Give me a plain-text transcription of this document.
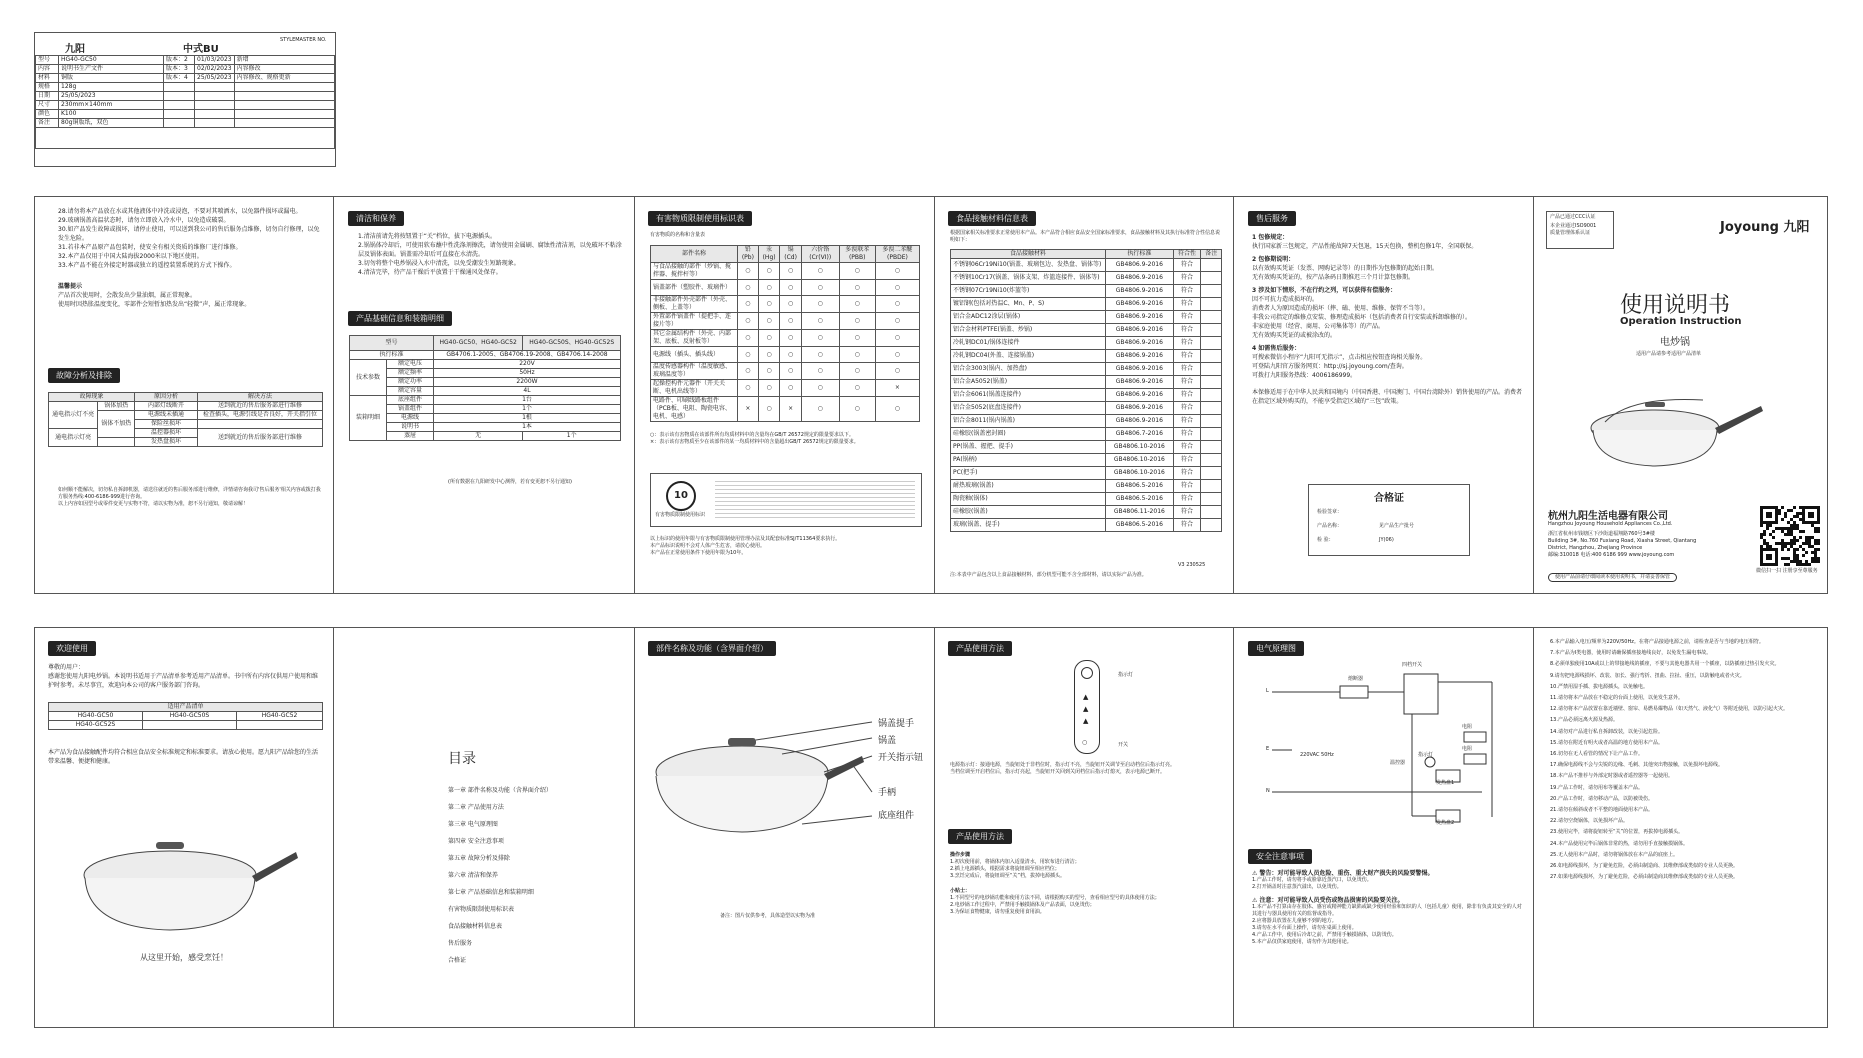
九阳	中式BU
STYLEMASTER NO.
型号	HG40-GC50	版本：2	01/03/2023	新增
内容	说明书生产文件	版本：3	02/02/2023	内容修改
材料	铜版	版本：4	25/05/2023	内容修改、规格更新
规格	128g			
日期	25/05/2023			
尺寸	230mm×140mm			
颜色	K100			
备注	80g铜版纸，双色			

28.请勿将本产品放在水或其他液体中冲洗或浸泡，不要对其喷洒水，以免器件损坏或漏电。
29.玻璃锅盖高温状态时，请勿立即放入冷水中，以免造成破裂。
30.如产品发生故障或损坏，请停止使用，可以送到我公司的售后服务点维修，切勿自行修理，以免发生危险。
31.若非本产品原产品包装时，使安全有相关资质的维修厂进行维修。
32.本产品仅用于中国大陆海拔2000米以下地区使用。
33.本产品不能在外接定时器或独立的遥控装置系统的方式下操作。
温馨提示
产品首次使用时，会散发出少量油烟，属正常现象。
使用时因热胀温度变化，零部件会短暂加热发出“轻微”声，属正常现象。
故障分析及排除
故障现象		原因分析	解决方法
通电指示灯不亮	锅体加热	内部灯线断开	送到就近的售后服务部进行维修
	锅体不加热	电源线未插通	检查插头，电源引线是否良好，开关指引位
		保险丝损坏	
通电指示灯亮		温控器损坏	送到就近的售后服务部进行维修
		发热盘损坏	
如何顺不能解决，切勿私自拆卸机器，请送往就近的售后服务部进行维修，详情请咨询我司'售后服务'相关内容或拨打我方服务热线:400-6186-999进行咨询。
以上内容如因型号或零件变更与实物不符，请以实物为准，恕不另行通知，敬请谅解！
清洁和保养
1.清洁前请先将按钮置于“关”档位，拔下电源插头。
2.锅锅体冷却后，可使用软布蘸中性洗涤剂擦洗，请勿使用金属刷、腐蚀性清洁剂，以免破坏不粘涂层及锅体表面。锅盖需冷却后可直接在水清洗。
3.切勿将整个电炒锅浸入水中清洗，以免受潮发生短路现象。
4.清洁完毕，待产品干燥后平放置于干燥通风处保存。
产品基础信息和装箱明细
型号		HG40-GC50、HG40-GC52	HG40-GC50S、HG40-GC52S
执行标准		GB4706.1-2005、GB4706.19-2008、GB4706.14-2008	
技术参数	额定电压	220V	
	额定频率	50Hz	
	额定功率	2200W	
	额定容量	4L	
装箱明细	底座组件	1台	
	锅盖组件	1个	
	电源线	1根	
	说明书	1本	
	蒸屉	无	1个
(所有数据在九阳研发中心测得，若有变更恕不另行通知)
有害物质限制使用标识表
有害物质的名称和含量表
部件名称	铅(Pb)	汞(Hg)	镉(Cd)	六价铬(Cr(VI))	多溴联苯(PBB)	多溴二苯醚(PBDE)
与食品接触的部件（炒锅、搅拌器、搅拌杆等）	○	○	○	○	○	○
锅盖部件（塑胶件、玻璃件）	○	○	○	○	○	○
非接触部件外壳部件（外壳、侧板、上盖等）	○	○	○	○	○	○
外置部件锅盖件（提把手、连接片等）	○	○	○	○	○	○
其它金属结构件（外壳、内部架、底板、反射板等）	○	○	○	○	○	○
电源线（插头、插头线）	○	○	○	○	○	○
温度传感器构件（温度敏感、玻璃温度等）	○	○	○	○	○	○
起操控构件元器件（开关关断、电机出线等）	○	○	○	○	○	×
电路件、印刷线路板组件（PCB板、电阻、陶瓷电容、电机、电感）	×	○	×	○	○	○
○：表示该有害物质在该部件所有均质材料中的含量均在GB/T 26572规定的限量要求以下。
×：表示该有害物质至少在该部件的某一均质材料中的含量超出GB/T 26572规定的限量要求。
10
有害物质限制使用标识
以上标识的使用年限与有害物质限制使用管理办法及其配套标准SJ/T11364要求执行。
本产品标识说明不会对人体产生危害，请放心使用。
本产品在正常使用条件下使用年限为10年。
食品接触材料信息表
根据国家相关标准要求正常使用本产品。本产品符合相应食品安全国家标准要求，食品接触材料及其执行标准符合性信息说明如下：
食品接触材料	执行标准	符合性	备注
不锈钢06Cr19Ni10(锅盖、玻璃包边、发热盘、锅体等)	GB4806.9-2016	符合	
不锈钢10Cr17(锅盖、锅体支架、炸篮连接件、锅体等)	GB4806.9-2016	符合	
不锈钢07Cr19Ni10(炸篮等)	GB4806.9-2016	符合	
镀铝钢(包括对热温C、Mn、P、S)	GB4806.9-2016	符合	
铝合金ADC12涂层(锅体)	GB4806.9-2016	符合	
铝合金材料PTFE(锅盖、炒锅)	GB4806.9-2016	符合	
冷轧钢DC01/锅体连接件	GB4806.9-2016	符合	
冷轧钢DC04(外盖、连接锅盖)	GB4806.9-2016	符合	
铝合金3003(锅内、加热盘)	GB4806.9-2016	符合	
铝合金A5052(锅盖)	GB4806.9-2016	符合	
铝合金6061(锅盖连接件)	GB4806.9-2016	符合	
铝合金5052(底盘连接件)	GB4806.9-2016	符合	
铝合金8011(锅内锅盖)	GB4806.9-2016	符合	
硅橡胶(锅盖密封圈)	GB4806.7-2016	符合	
PP(锅盖、握把、提手)	GB4806.10-2016	符合	
PA(锅柄)	GB4806.10-2016	符合	
PC(把手)	GB4806.10-2016	符合	
耐热玻璃(锅盖)	GB4806.5-2016	符合	
陶瓷釉(锅体)	GB4806.5-2016	符合	
硅橡胶(锅盖)	GB4806.11-2016	符合	
玻璃(锅盖、提手)	GB4806.5-2016	符合	
V3 230525
注:本表中产品包含以上食品接触材料，部分机型可能不含全部材料，请以实际产品为准。
售后服务
1 包修规定：
执行国家新三包规定，产品性能故障7天包退，15天包换，整机包修1年，全国联保。
2 包修期说明：
以有效购买凭证（发票、网购记录等）的日期作为包修期的起始日期。
无有效购买凭证的，按产品条码日期推迟三个月计算包修期。
3 涉及如下情形，不在行约之列，可以获得有偿服务：
因不可抗力造成损坏的。
消费者人为原因造成的损坏（摔、磕、使用、维修、保管不当等）。
非我公司指定的维修点安装、修理造成损坏（包括消费者自行安装或拆卸维修的）。
非家庭使用（经营、商用、公司集体等）的产品。
无有效购买凭证的或被涂改的。
4 如需售后服务：
可搜索微信小程序“九阳可无指示”，点击相应按钮查询相关服务。
可登陆九阳官方服务网页：http://sj.joyoung.com/查询。
可拨打九阳服务热线：4006186999。
本保修适用于在中华人民共和国境内（中国香港、中国澳门、中国台湾除外）销售使用的产品。消费者在指定区域外购买的，不能享受指定区域的“三包”政策。
合格证
检验签章：
产品名称：	见产品生产批号
检 验：	JY(06)
产品已通过CCC认证
本企业通过ISO9001
质量管理体系认证	Joyoung 九阳
使用说明书
Operation Instruction
电炒锅
适用产品请参考适用产品清单
杭州九阳生活电器有限公司
Hangzhou Joyoung Household Appliances Co.,Ltd.
浙江省杭州市钱塘区下沙街道福翔路760号3#楼
Building 3#, No.760 Fuxiang Road, Xiasha Street, Qiantang District, Hangzhou, Zhejiang Province
邮编:310018 电话:400 6186 999 www.joyoung.com
微信扫一扫 注册享至尊服务
使用产品前请仔细阅读本使用说明书，并请妥善保管
欢迎使用
尊敬的用户：
感谢您使用九阳电炒锅。本说明书适用于产品清单参考适用产品清单。书中所有内容仅供用户使用和维护时参考。未尽事宜，欢迎向本公司的客户服务部门咨询。
适用产品清单		
HG40-GC50	HG40-GC50S	HG40-GC52
HG40-GC52S		
本产品为食品接触配件均符合相应食品安全标准规定和标准要求。请放心使用。愿九阳产品给您的生活带来温馨、便捷和健康。
从这里开始，感受烹饪！
目录
第一章 部件名称及功能（含界面介绍）
第二章 产品使用方法
第三章 电气原理图
第四章 安全注意事项
第五章 故障分析及排除
第六章 清洁和保养
第七章 产品基础信息和装箱明细
有害物质限制使用标识表
食品接触材料信息表
售后服务
合格证
部件名称及功能（含界面介绍）
锅盖提手
锅盖
开关指示钮
手柄
底座组件
备注：图片仅供参考，具体造型以实物为准
产品使用方法
▲
▲
▲
○
指示灯
开关
电源指示灯：接通电源，当旋钮处于非档位时，指示灯不亮，当旋钮开关调节至启动档位后指示灯亮。
当档位调至开启档位后，指示灯亮起，当旋钮开关回到关闭档位后指示灯熄灭，表示电源已断开。
产品使用方法
操作步骤
1.初次使用前，将锅体内加入适量清水，用软布进行清洁；
2.插上电源插头，根据需求将旋钮调至相应档位；
3.烹饪完成后，将旋钮调至“关”档，拔掉电源插头。
小贴士：
1.不同型号的电炒锅功能和使用方法不同，请根据购买的型号，查看相应型号的具体使用方法；
2.电炒锅工作过程中，严禁用手触摸锅体及产品表面，以免烫伤；
3.为保证食物健康，请勿重复使用食用油。
电气原理图
熔断器
四档开关
电阻
电阻
温控器
指示灯
发热盘1
发热盘2
L
E
N
220VAC 50Hz
安全注意事项
⚠ 警告：对可能导致人员危险、重伤、重大财产损失的风险要警惕。
1.产品工作时，请勿将手或脸靠近蒸汽口，以免烫伤。
2.打开锅盖时注意蒸汽溢出，以免烫伤。
⚠ 注意：对可能导致人员受伤或物品损害的风险要关注。
1.本产品不打算由存在肢体、感官或精神能力缺陷或缺少使用经验和知识的人（包括儿童）使用，除非有负责其安全的人对其进行与器具使用有关的监督或指导。
2.应将器具放置在儿童够不到的地方。
3.请勿在水平台面上操作，请勿在桌面上使用。
4.产品工作中，使用后冷却之前，严禁用手触摸锅体，以防烫伤。
5.本产品仅供家庭使用，请勿作为其他用途。
6.本产品输入电压/频率为220V/50Hz。在将产品接通电源之前，请检查是否与当地的电压相符。
7.本产品为I类电器，使用时请确保插座接地线良好，以免发生漏电事故。
8.必须单独使用10A或以上的带接地线的插座，不要与其他电器共用一个插座，以防插座过热引发火灾。
9.请勿把电源线损坏、改装、加长、强行弯折、扭曲、拉扯、重压，以防触电或者火灾。
10.严禁用湿手插、拔电源插头，以免触电。
11.请勿将本产品放在不稳定的台面上使用，以免发生意外。
12.请勿将本产品放置在靠近墙壁、窗帘、易燃易爆物品（如天然气、液化气）等附近使用，以防引起火灾。
13.产品必须远离火源及热源。
14.请勿对产品进行私自拆卸改装，以免引起危险。
15.请勿在附近有明火或者高温的地方使用本产品。
16.切勿在无人看管的情况下让产品工作。
17.确保电源线不会与尖锐的边缘、毛刺、其他突出物接触，以免损坏电源线。
18.本产品不推荐与外部定时器或者遥控器等一起使用。
19.产品工作时，请勿用布等覆盖本产品。
20.产品工作时，请勿移动产品，以防被烫伤。
21.请勿在倾斜或者不平整的地面使用本产品。
22.请勿空烧锅体，以免损坏产品。
23.使用完毕，请将旋钮转至“关”的位置，再拔掉电源插头。
24.本产品使用完毕后锅体非常的热，请勿用手直接触摸锅体。
25.无人使用本产品时，请勿将锅体放在本产品的底座上。
26.如电源线损坏，为了避免危险，必须由制造商、其维修部或类似的专业人员更换。
27.如果电源线损坏，为了避免危险，必须由制造商其维修部或类似的专业人员更换。
